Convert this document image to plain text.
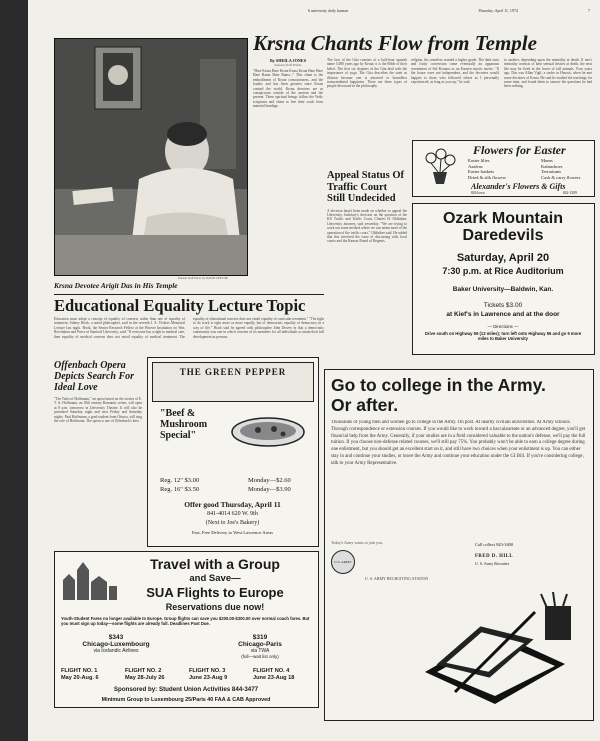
6 university daily kansan	Thursday, April 11, 1974	7
Kansan Staff Photo by DAVID TREVOR
Krsna Devotee Arigit Das in His Temple
Krsna Chants Flow from Temple
By SHEILA JONES
Kansan Staff Writer
"Hare Krsna Hare Krsna Krsna Krsna Hare Hare Hare Rama Hare Rama..." This chant is the embodiment of Krsna consciousness, and the louder, and has been greatest since Krsna created the world. Krsna devotees are as conspicuous outside of the ancient and the present. These spiritual beings follow the Vedic scriptures and chant to free their souls from material bondage.
The first of the Gita consists of a half-hour spanish name 5,000 years ago by Krsna; it is the Bible of their belief. The first six chapters of the Gita deal with the importance of yoga. The Gita describes the state as illusion because one is attracted to boundless transcendental happiness. There are three types of people discussed in the philosophy.
religion, his ceaseless wanted a higher grade. The dark ones and fruity conversion came eventually an apparatus resentment of Sid Krsnaor as an Eastern mystic movie. "If the house were not independent, and the devotees would happen to those who followed others as I personally experienced, as long as you say," he said.
to another, depending upon the mentality at death. If one's mentality consists of base sensual desires at death, the next life may be lived in the lower of fall animals. Four years ago, Das was Allan Vigil, a surfer in Hawaii, when he met some devotees of Krsna. He said he studied the teachings for some time, and found them to answer the questions he had been seeking.
Appeal Status Of Traffic Court Still Undecided
A decision hasn't been made on whether to appeal the University Judiciary's decision on the question of the KU Traffic and Traffic Court, Charles H. Oldfather, University attorney, said yesterday. "We are trying to work out some method where we can retain most of the operation of the traffic court," Oldfather said. He added that this involved the issue of discussing with local courts and the Kansas Board of Regents.
Flowers for Easter
Easter lilies
Azaleas
Easter baskets
Dried & silk flowers
Mums
Kalanchoes
Terrariums
Cash & carry flowers
Alexander's Flowers & Gifts
826 Iowa	842-1309
Ozark Mountain
Daredevils
Saturday, April 20
7:30 p.m. at Rice Auditorium
Baker University—Baldwin, Kan.
Tickets $3.00
at Kief's in Lawrence and at the door
— Directions —
Drive south on Highway 59 (13 miles); turn left onto Highway 56 and go 5 more miles to Baker University
Educational Equality Lecture Topic
Education must adopt a concept of equality of concern, rather than one of equality of treatment, Sidney Hook, a noted philosopher, said in the seventh J. A. Vickers Memorial Lecture last night. Hook, the Senior Research Fellow at the Hoover Institution on War, Revolution and Peace at Stanford University, said: "If everyone has a right to medical care, then equality of medical concern does not entail equality of medical treatment. The equality of educational concern does not entail equality of curricular treatment." "The right to do work is right more or more equally, but of democratic equality of democracy in a way of life." Hook said he agreed with philosopher John Dewey in that a democratic community was one in which concern of its members for all individuals to attain their full development as persons.
Offenbach Opera Depicts Search For Ideal Love
"The Tales of Hoffmann," an opera based on the stories of E. T. A. Hoffmann, an 18th century Romantic writer, will open at 8 p.m. tomorrow in University Theatre. It will also be presented Saturday night and next Friday and Saturday nights. Paul Hoffmann, a grad student from Ottawa, will sing the role of Hoffmann. The opera is one of Offenbach's best.
THE GREEN PEPPER
"Beef & Mushroom Special"
Reg. 12" $3.00
Reg. 16" $3.50
Monday—$2.60
Monday—$3.90
Offer good Thursday, April 11
841-4014 620 W. 9th
(Next to Joe's Bakery)
Fast, Free Delivery to West Lawrence Areas
Go to college in the Army.
Or after.
Thousands of young men and women go to college in the Army. On post. At nearby civilian universities. At Army schools. Through correspondence or extension courses. If you would like to work toward a baccalaureate or an advanced degree, you'll get financial help from the Army. Generally, if your studies are in a field considered valuable to the nation's defense, we'll pay the full tuition. If you choose non-defense related courses, we'll still pay 75%. You probably won't be able to earn a college degree during one enlistment, but you should get an excellent start on it, and still have two choices when your enlistment is up. You can either stay in and continue your studies, or leave the Army and continue your education under the GI Bill. If you're considering college, talk to your Army Representative.
Today's Army wants to join you.
U.S. ARMY
U. S. ARMY RECRUITING STATION
Call collect 843-3400
FRED D. HILL
U. S. Army Recruiter
Travel with a Group
and Save—
SUA Flights to Europe
Reservations due now!
Youth-Student Fares no longer available to Europe. Group flights can save you $200.00-$300.00 over normal coach fares. But you must sign up today—some flights are already full. Deadlines Past Due.
$343
Chicago-Luxembourg
via Icelandic Airlines
$319
Chicago-Paris
via TWA
(full—wait list only)
FLIGHT NO. 1
May 20-Aug. 6
FLIGHT NO. 2
May 28-July 26
FLIGHT NO. 3
June 23-Aug 9
FLIGHT NO. 4
June 23-Aug 18
Sponsored by: Student Union Activities 844-3477
Minimum Group to Luxembourg 25/Paris 40 FAA & CAB Approved
